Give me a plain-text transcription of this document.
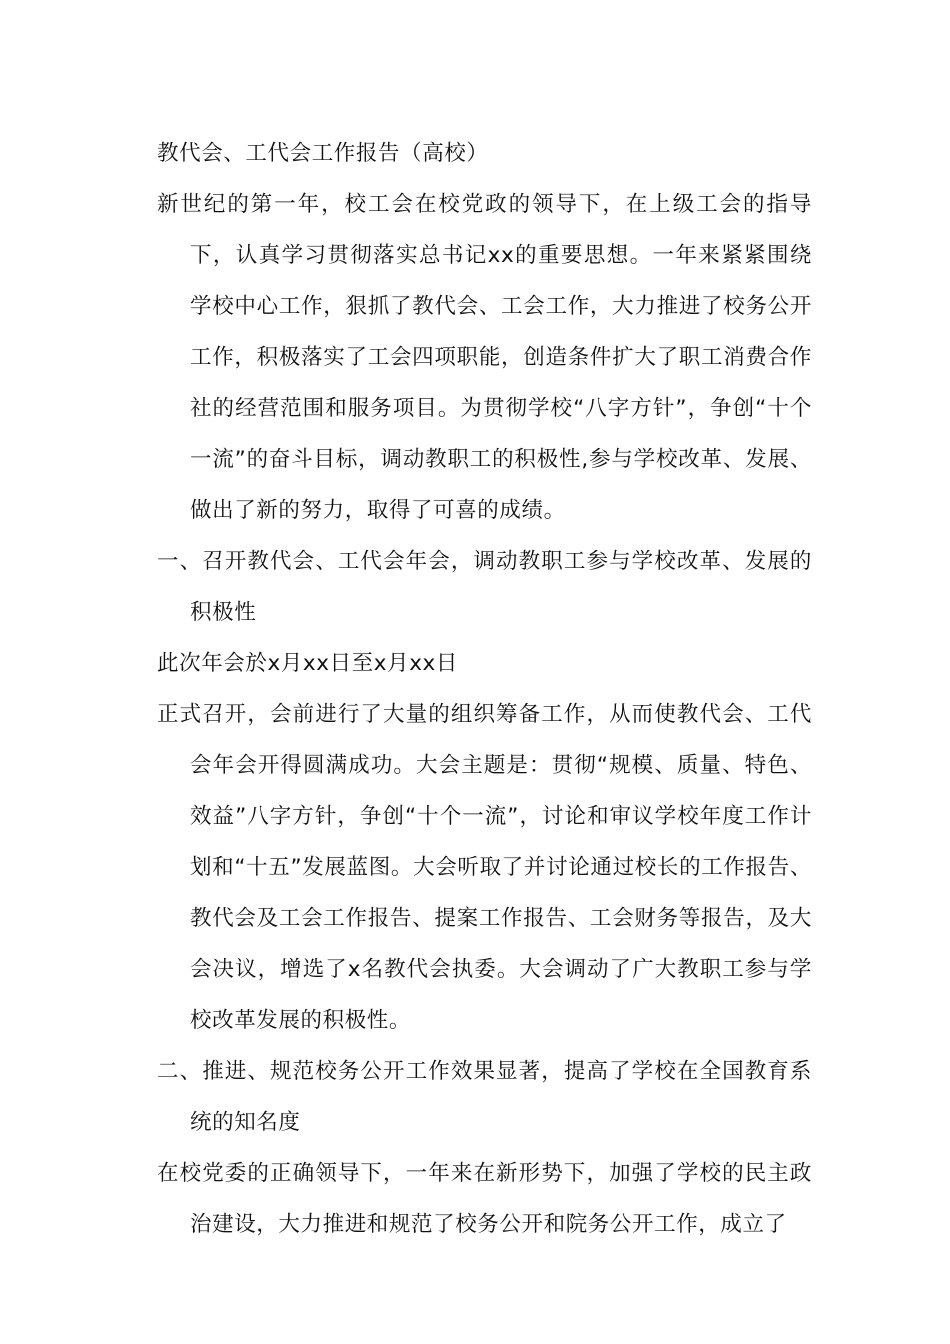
教代会、工代会工作报告（高校）

新世纪的第一年，校工会在校党政的领导下，在上级工会的指导下，认真学习贯彻落实总书记xx的重要思想。一年来紧紧围绕学校中心工作，狠抓了教代会、工会工作，大力推进了校务公开工作，积极落实了工会四项职能，创造条件扩大了职工消费合作社的经营范围和服务项目。为贯彻学校“八字方针”，争创“十个一流”的奋斗目标，调动教职工的积极性,参与学校改革、发展、做出了新的努力，取得了可喜的成绩。

一、召开教代会、工代会年会，调动教职工参与学校改革、发展的积极性

此次年会於x月xx日至x月xx日

正式召开，会前进行了大量的组织筹备工作，从而使教代会、工代会年会开得圆满成功。大会主题是：贯彻“规模、质量、特色、效益”八字方针，争创“十个一流”，讨论和审议学校年度工作计划和“十五”发展蓝图。大会听取了并讨论通过校长的工作报告、教代会及工会工作报告、提案工作报告、工会财务等报告，及大会决议，增选了x名教代会执委。大会调动了广大教职工参与学校改革发展的积极性。

二、推进、规范校务公开工作效果显著，提高了学校在全国教育系统的知名度

在校党委的正确领导下，一年来在新形势下，加强了学校的民主政治建设，大力推进和规范了校务公开和院务公开工作，成立了
